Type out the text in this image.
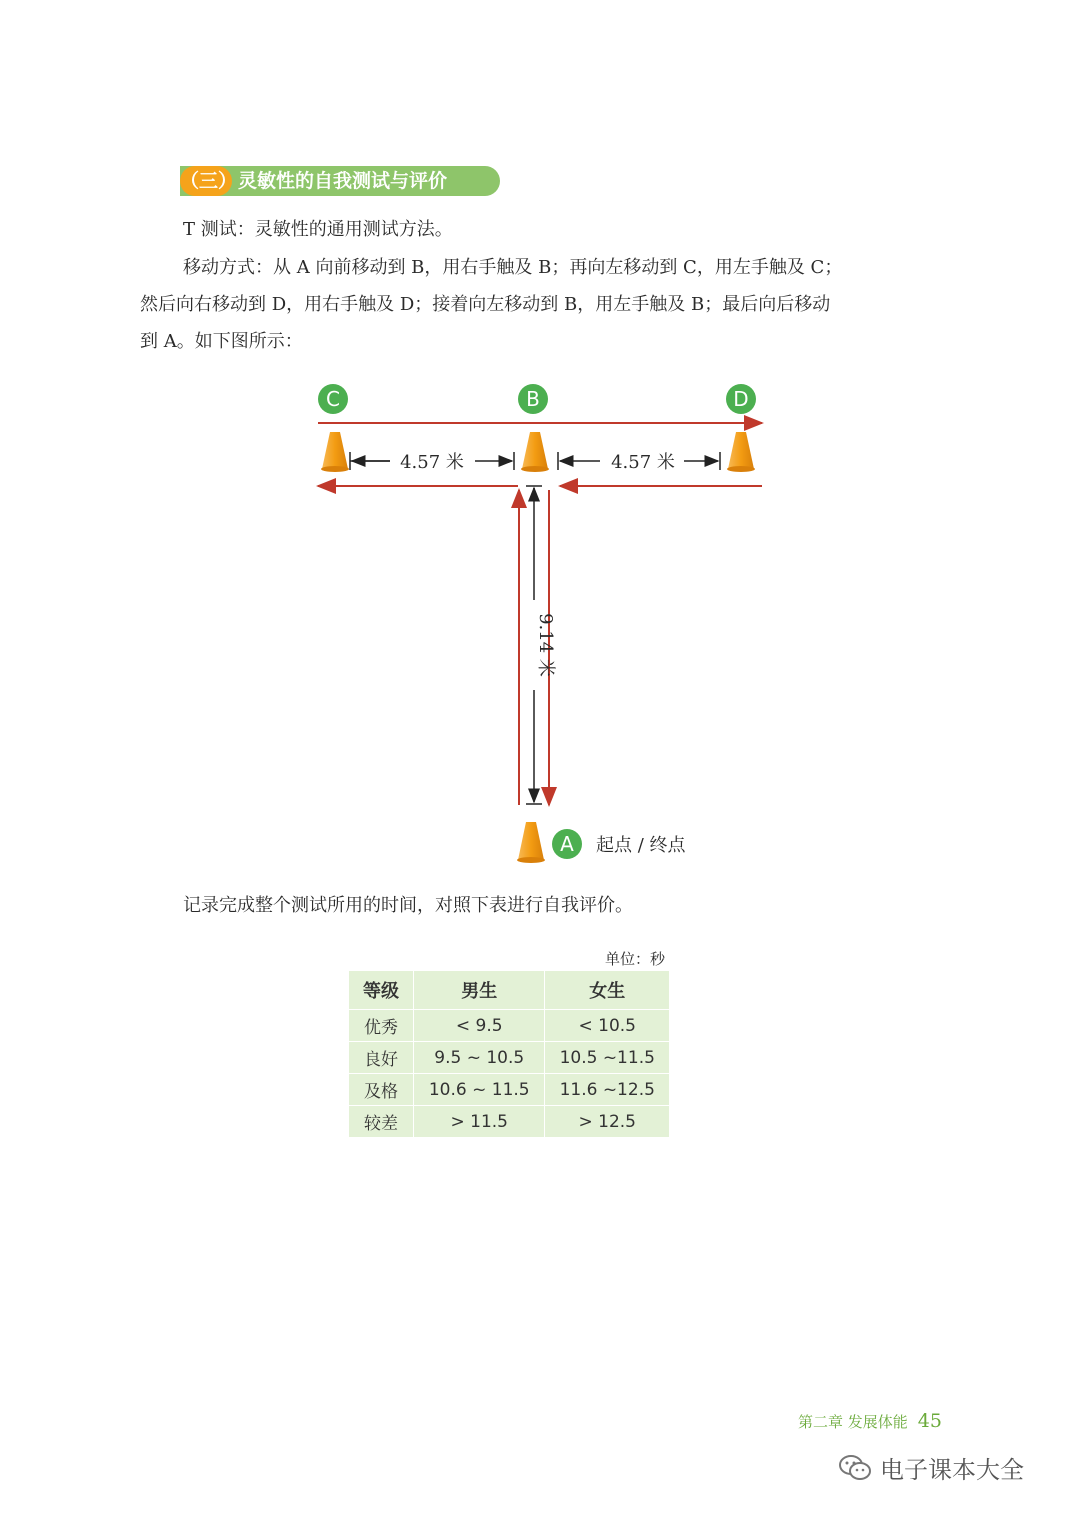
（三） 灵敏性的自我测试与评价
T 测试：灵敏性的通用测试方法。
移动方式：从 A 向前移动到 B，用右手触及 B；再向左移动到 C，用左手触及 C；
然后向右移动到 D，用右手触及 D；接着向左移动到 B，用左手触及 B；最后向后移动
到 A。如下图所示：
9.14 米
4.57 米	4.57 米
C	B	D
A 起点 / 终点
记录完成整个测试所用的时间，对照下表进行自我评价。
单位：秒
等级	男生	女生
优秀	< 9.5	< 10.5
良好	9.5 ~ 10.5	10.5 ~11.5
及格	10.6 ~ 11.5	11.6 ~12.5
较差	> 11.5	> 12.5
第二章 发展体能 45
电子课本大全
